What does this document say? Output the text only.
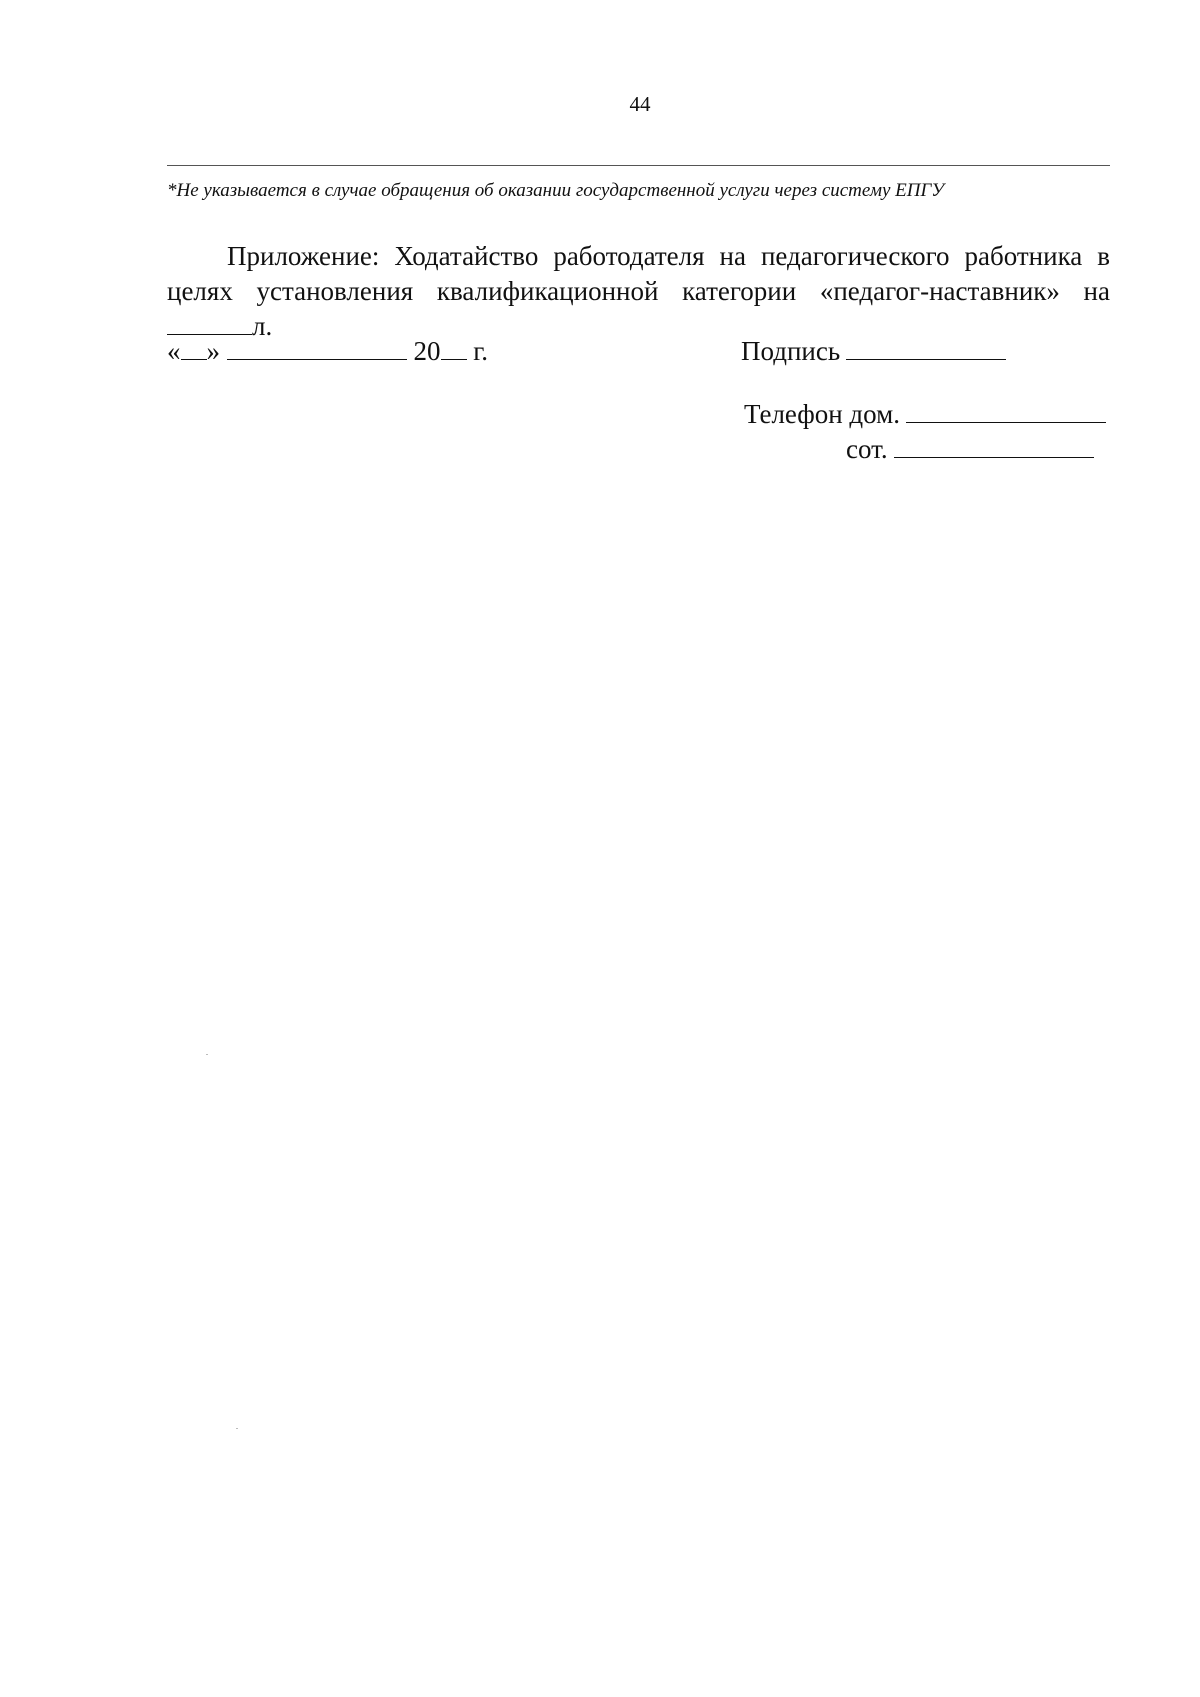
44
*Не указывается в случае обращения об оказании государственной услуги через систему ЕПГУ
Приложение: Ходатайство работодателя на педагогического работника в целях установления квалификационной категории «педагог-наставник» на л.
« »	20 г.	Подпись
Телефон дом.
сот.
